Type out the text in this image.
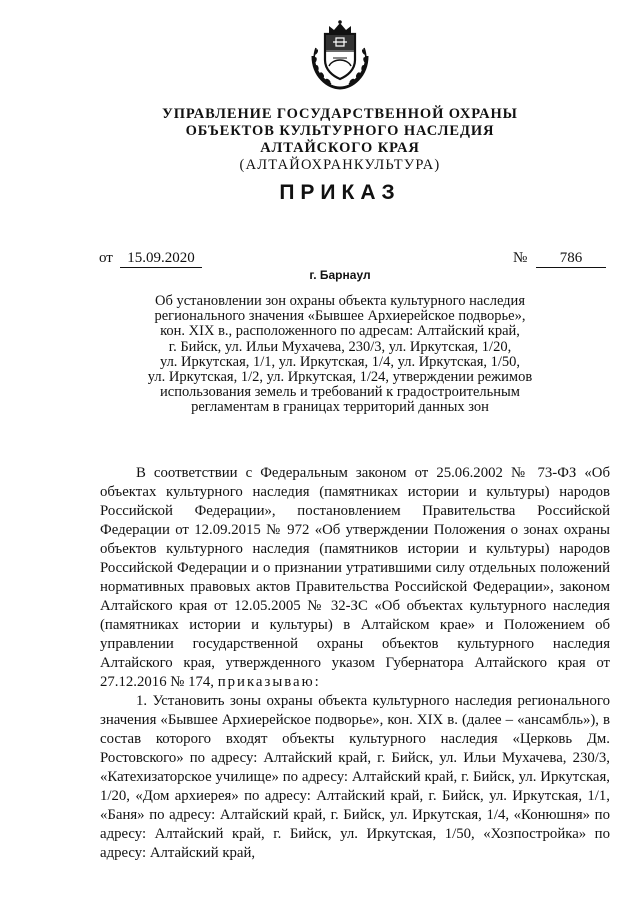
УПРАВЛЕНИЕ ГОСУДАРСТВЕННОЙ ОХРАНЫ
ОБЪЕКТОВ КУЛЬТУРНОГО НАСЛЕДИЯ
АЛТАЙСКОГО КРАЯ
(АЛТАЙОХРАНКУЛЬТУРА)
ПРИКАЗ
от 15.09.2020	№	786
г. Барнаул
Об установлении зон охраны объекта культурного наследия
регионального значения «Бывшее Архиерейское подворье»,
кон. XIX в., расположенного по адресам: Алтайский край,
г. Бийск, ул. Ильи Мухачева, 230/3, ул. Иркутская, 1/20,
ул. Иркутская, 1/1, ул. Иркутская, 1/4, ул. Иркутская, 1/50,
ул. Иркутская, 1/2, ул. Иркутская, 1/24, утверждении режимов
использования земель и требований к градостроительным
регламентам в границах территорий данных зон

В соответствии с Федеральным законом от 25.06.2002 № 73-ФЗ «Об объектах культурного наследия (памятниках истории и культуры) народов Российской Федерации», постановлением Правительства Российской Федерации от 12.09.2015 № 972 «Об утверждении Положения о зонах охраны объектов культурного наследия (памятников истории и культуры) народов Российской Федерации и о признании утратившими силу отдельных положений нормативных правовых актов Правительства Российской Федерации», законом Алтайского края от 12.05.2005 № 32-ЗС «Об объектах культурного наследия (памятниках истории и культуры) в Алтайском крае» и Положением об управлении государственной охраны объектов культурного наследия Алтайского края, утвержденного указом Губернатора Алтайского края от 27.12.2016 № 174, приказываю:

1. Установить зоны охраны объекта культурного наследия регионального значения «Бывшее Архиерейское подворье», кон. XIX в. (далее – «ансамбль»), в состав которого входят объекты культурного наследия «Церковь Дм. Ростовского» по адресу: Алтайский край, г. Бийск, ул. Ильи Мухачева, 230/3, «Катехизаторское училище» по адресу: Алтайский край, г. Бийск, ул. Иркутская, 1/20, «Дом архиерея» по адресу: Алтайский край, г. Бийск, ул. Иркутская, 1/1, «Баня» по адресу: Алтайский край, г. Бийск, ул. Иркутская, 1/4, «Конюшня» по адресу: Алтайский край, г. Бийск, ул. Иркутская, 1/50, «Хозпостройка» по адресу: Алтайский край,
